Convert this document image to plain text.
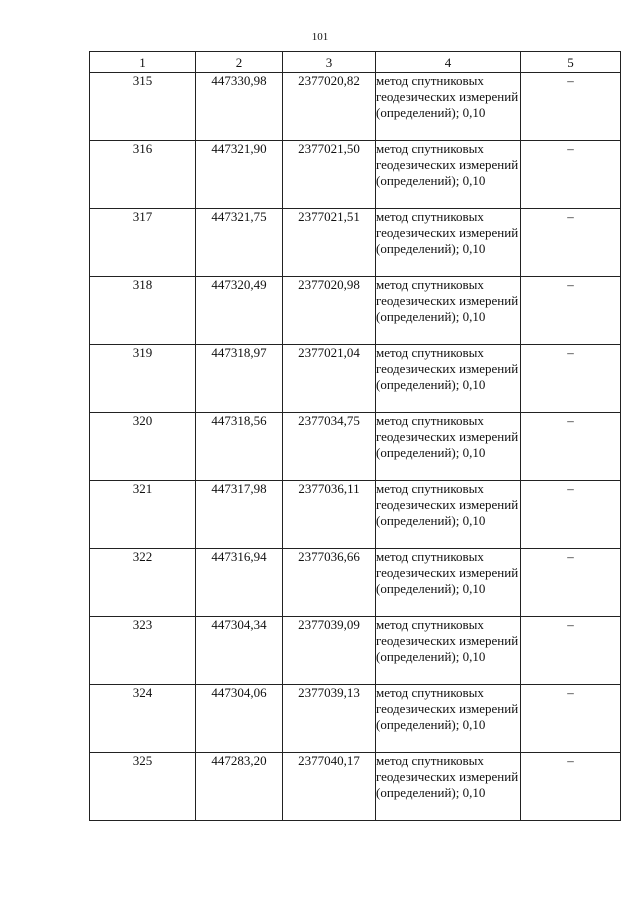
101
1	2	3	4	5
315	447330,98	2377020,82	метод спутниковых геодезических измерений (определений); 0,10	–
316	447321,90	2377021,50	метод спутниковых геодезических измерений (определений); 0,10	–
317	447321,75	2377021,51	метод спутниковых геодезических измерений (определений); 0,10	–
318	447320,49	2377020,98	метод спутниковых геодезических измерений (определений); 0,10	–
319	447318,97	2377021,04	метод спутниковых геодезических измерений (определений); 0,10	–
320	447318,56	2377034,75	метод спутниковых геодезических измерений (определений); 0,10	–
321	447317,98	2377036,11	метод спутниковых геодезических измерений (определений); 0,10	–
322	447316,94	2377036,66	метод спутниковых геодезических измерений (определений); 0,10	–
323	447304,34	2377039,09	метод спутниковых геодезических измерений (определений); 0,10	–
324	447304,06	2377039,13	метод спутниковых геодезических измерений (определений); 0,10	–
325	447283,20	2377040,17	метод спутниковых геодезических измерений (определений); 0,10	–
